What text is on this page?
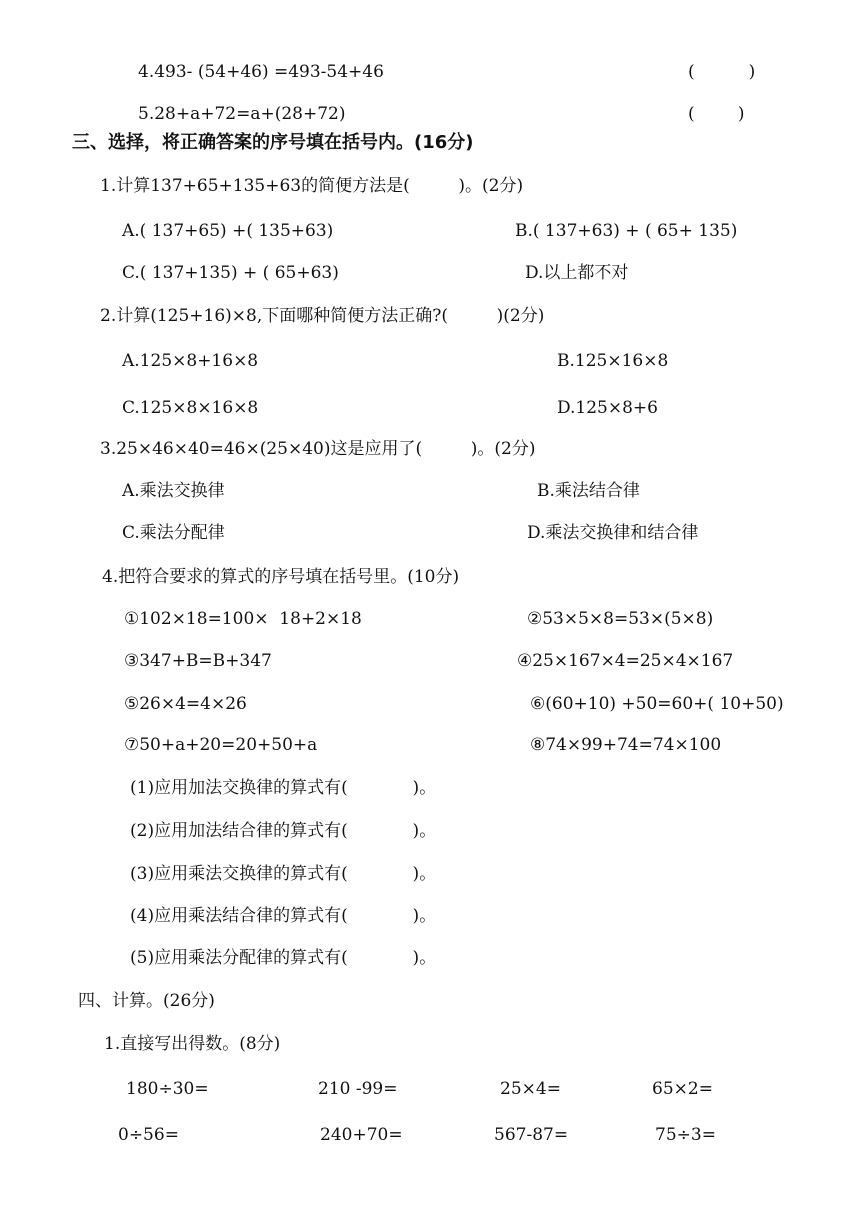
4.493- (54+46) =493-54+46	(          )
5.28+a+72=a+(28+72)	(        )
三、选择，将正确答案的序号填在括号内。(16分)
1.计算137+65+135+63的简便方法是(         )。(2分)
A.( 137+65) +( 135+63)	B.( 137+63) + ( 65+ 135)
C.( 137+135) + ( 65+63)	D.以上都不对
2.计算(125+16)×8,下面哪种简便方法正确?(         )(2分)
A.125×8+16×8	B.125×16×8
C.125×8×16×8	D.125×8+6
3.25×46×40=46×(25×40)这是应用了(         )。(2分)
A.乘法交换律	B.乘法结合律
C.乘法分配律	D.乘法交换律和结合律
4.把符合要求的算式的序号填在括号里。(10分)
①102×18=100×  18+2×18	②53×5×8=53×(5×8)
③347+B=B+347	④25×167×4=25×4×167
⑤26×4=4×26	⑥(60+10) +50=60+( 10+50)
⑦50+a+20=20+50+a	⑧74×99+74=74×100
(1)应用加法交换律的算式有(            )。
(2)应用加法结合律的算式有(            )。
(3)应用乘法交换律的算式有(            )。
(4)应用乘法结合律的算式有(            )。
(5)应用乘法分配律的算式有(            )。
四、计算。(26分)
1.直接写出得数。(8分)
180÷30=	210 -99=	25×4=	65×2=
0÷56=	240+70=	567-87=	75÷3=
